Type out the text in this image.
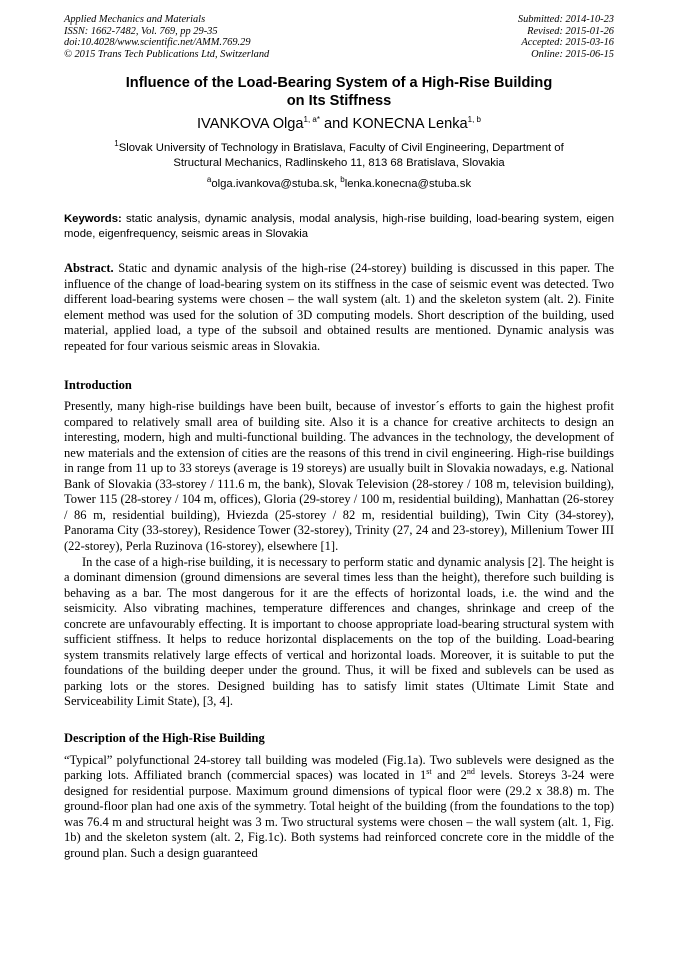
Applied Mechanics and Materials
ISSN: 1662-7482, Vol. 769, pp 29-35
doi:10.4028/www.scientific.net/AMM.769.29
© 2015 Trans Tech Publications Ltd, Switzerland
Submitted: 2014-10-23
Revised: 2015-01-26
Accepted: 2015-03-16
Online: 2015-06-15
Influence of the Load-Bearing System of a High-Rise Building
on Its Stiffness
IVANKOVA Olga$^{1, a*}$ and KONECNA Lenka$^{1, b}$
$^1$Slovak University of Technology in Bratislava, Faculty of Civil Engineering, Department of
Structural Mechanics, Radlinskeho 11, 813 68 Bratislava, Slovakia
$^a$olga.ivankova@stuba.sk, $^b$lenka.konecna@stuba.sk
Keywords: static analysis, dynamic analysis, modal analysis, high-rise building, load-bearing system, eigen mode, eigenfrequency, seismic areas in Slovakia

Abstract. Static and dynamic analysis of the high-rise (24-storey) building is discussed in this paper. The influence of the change of load-bearing system on its stiffness in the case of seismic event was detected. Two different load-bearing systems were chosen – the wall system (alt. 1) and the skeleton system (alt. 2). Finite element method was used for the solution of 3D computing models. Short description of the building, used material, applied load, a type of the subsoil and obtained results are mentioned. Dynamic analysis was repeated for four various seismic areas in Slovakia.

Introduction

Presently, many high-rise buildings have been built, because of investor´s efforts to gain the highest profit compared to relatively small area of building site. Also it is a chance for creative architects to design an interesting, modern, high and multi-functional building. The advances in the technology, the development of new materials and the extension of cities are the reasons of this trend in civil engineering. High-rise buildings in range from 11 up to 33 storeys (average is 19 storeys) are usually built in Slovakia nowadays, e.g. National Bank of Slovakia (33-storey / 111.6 m, the bank), Slovak Television (28-storey / 108 m, television building), Tower 115 (28-storey / 104 m, offices), Gloria (29-storey / 100 m, residential building), Manhattan (26-storey / 86 m, residential building), Hviezda (25-storey / 82 m, residential building), Twin City (34-storey), Panorama City (33-storey), Residence Tower (32-storey), Trinity (27, 24 and 23-storey), Millenium Tower III (22-storey), Perla Ruzinova (16-storey), elsewhere [1].

In the case of a high-rise building, it is necessary to perform static and dynamic analysis [2]. The height is a dominant dimension (ground dimensions are several times less than the height), therefore such building is behaving as a bar. The most dangerous for it are the effects of horizontal loads, i.e. the wind and the seismicity. Also vibrating machines, temperature differences and changes, shrinkage and creep of the concrete are unfavourably effecting. It is important to choose appropriate load-bearing structural system with sufficient stiffness. It helps to reduce horizontal displacements on the top of the building. Load-bearing system transmits relatively large effects of vertical and horizontal loads. Moreover, it is suitable to put the foundations of the building deeper under the ground. Thus, it will be fixed and sublevels can be used as parking lots or the stores. Designed building has to satisfy limit states (Ultimate Limit State and Serviceability Limit State), [3, 4].

Description of the High-Rise Building

“Typical” polyfunctional 24-storey tall building was modeled (Fig.1a). Two sublevels were designed as the parking lots. Affiliated branch (commercial spaces) was located in 1st and 2nd levels. Storeys 3-24 were designed for residential purpose. Maximum ground dimensions of typical floor were (29.2 x 38.8) m. The ground-floor plan had one axis of the symmetry. Total height of the building (from the foundations to the top) was 76.4 m and structural height was 3 m. Two structural systems were chosen – the wall system (alt. 1, Fig. 1b) and the skeleton system (alt. 2, Fig.1c). Both systems had reinforced concrete core in the middle of the ground plan. Such a design guaranteed
